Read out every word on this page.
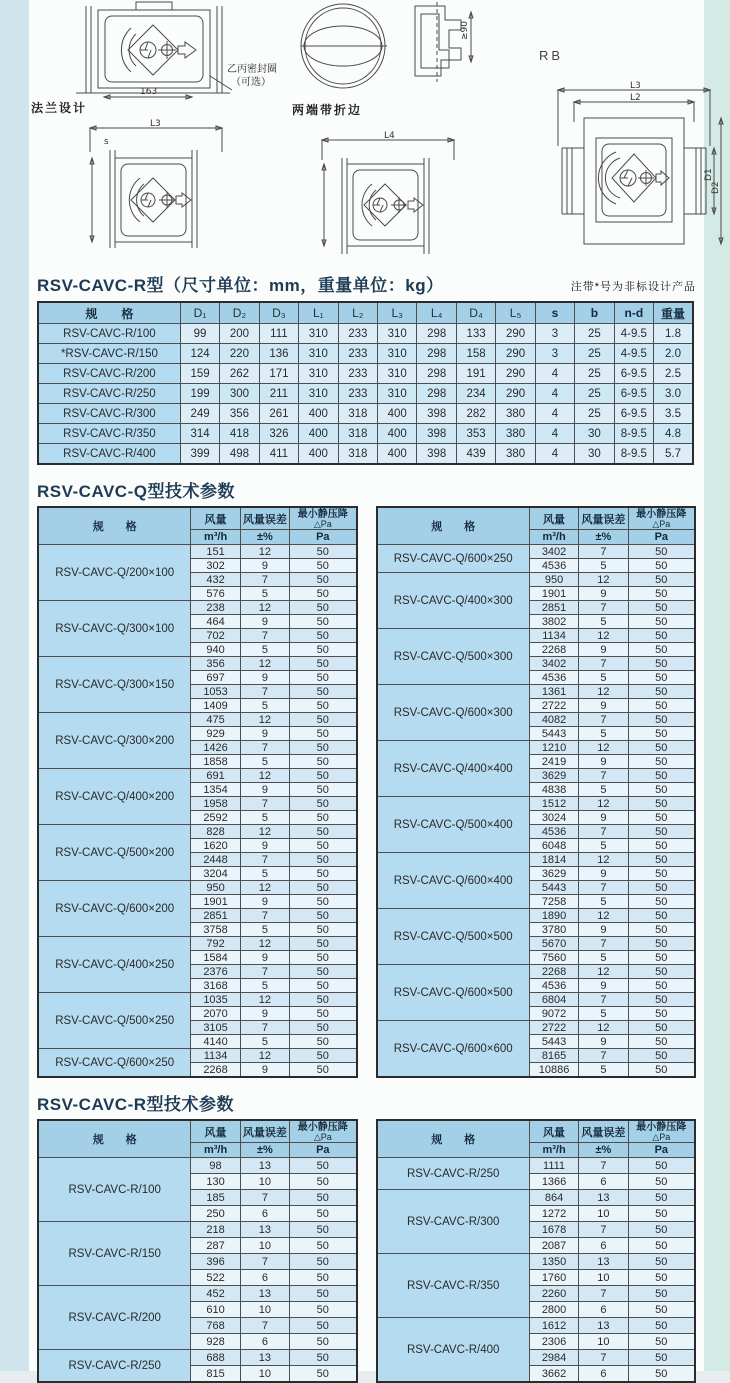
163
乙丙密封圈
（可选）
法兰设计	两端带折边
≥90
L3
s
L4
RB
L3
L2
D1
D2
RSV-CAVC-R型（尺寸单位：mm，重量单位：kg）	注带*号为非标设计产品
规　　格	D₁	D₂	D₃	L₁	L₂	L₃	L₄	D₄	L₅	s	b	n-d	重量
RSV-CAVC-R/100	99	200	111	310	233	310	298	133	290	3	25	4-9.5	1.8
*RSV-CAVC-R/150	124	220	136	310	233	310	298	158	290	3	25	4-9.5	2.0
RSV-CAVC-R/200	159	262	171	310	233	310	298	191	290	4	25	6-9.5	2.5
RSV-CAVC-R/250	199	300	211	310	233	310	298	234	290	4	25	6-9.5	3.0
RSV-CAVC-R/300	249	356	261	400	318	400	398	282	380	4	25	6-9.5	3.5
RSV-CAVC-R/350	314	418	326	400	318	400	398	353	380	4	30	8-9.5	4.8
RSV-CAVC-R/400	399	498	411	400	318	400	398	439	380	4	30	8-9.5	5.7
RSV-CAVC-Q型技术参数
规　　格	风量	风量误差	最小静压降
△Pa

	m³/h	±%	Pa
RSV-CAVC-Q/200×100	151	12	50
	302	9	50
	432	7	50
	576	5	50
RSV-CAVC-Q/300×100	238	12	50
	464	9	50
	702	7	50
	940	5	50
RSV-CAVC-Q/300×150	356	12	50
	697	9	50
	1053	7	50
	1409	5	50
RSV-CAVC-Q/300×200	475	12	50
	929	9	50
	1426	7	50
	1858	5	50
RSV-CAVC-Q/400×200	691	12	50
	1354	9	50
	1958	7	50
	2592	5	50
RSV-CAVC-Q/500×200	828	12	50
	1620	9	50
	2448	7	50
	3204	5	50
RSV-CAVC-Q/600×200	950	12	50
	1901	9	50
	2851	7	50
	3758	5	50
RSV-CAVC-Q/400×250	792	12	50
	1584	9	50
	2376	7	50
	3168	5	50
RSV-CAVC-Q/500×250	1035	12	50
	2070	9	50
	3105	7	50
	4140	5	50
RSV-CAVC-Q/600×250	1134	12	50
	2268	9	50
规　　格	风量	风量误差	最小静压降
△Pa

	m³/h	±%	Pa
RSV-CAVC-Q/600×250	3402	7	50
	4536	5	50
RSV-CAVC-Q/400×300	950	12	50
	1901	9	50
	2851	7	50
	3802	5	50
RSV-CAVC-Q/500×300	1134	12	50
	2268	9	50
	3402	7	50
	4536	5	50
RSV-CAVC-Q/600×300	1361	12	50
	2722	9	50
	4082	7	50
	5443	5	50
RSV-CAVC-Q/400×400	1210	12	50
	2419	9	50
	3629	7	50
	4838	5	50
RSV-CAVC-Q/500×400	1512	12	50
	3024	9	50
	4536	7	50
	6048	5	50
RSV-CAVC-Q/600×400	1814	12	50
	3629	9	50
	5443	7	50
	7258	5	50
RSV-CAVC-Q/500×500	1890	12	50
	3780	9	50
	5670	7	50
	7560	5	50
RSV-CAVC-Q/600×500	2268	12	50
	4536	9	50
	6804	7	50
	9072	5	50
RSV-CAVC-Q/600×600	2722	12	50
	5443	9	50
	8165	7	50
	10886	5	50
RSV-CAVC-R型技术参数
规　　格	风量	风量误差	最小静压降
△Pa

	m³/h	±%	Pa
RSV-CAVC-R/100	98	13	50
	130	10	50
	185	7	50
	250	6	50
RSV-CAVC-R/150	218	13	50
	287	10	50
	396	7	50
	522	6	50
RSV-CAVC-R/200	452	13	50
	610	10	50
	768	7	50
	928	6	50
RSV-CAVC-R/250	688	13	50
	815	10	50
规　　格	风量	风量误差	最小静压降
△Pa

	m³/h	±%	Pa
RSV-CAVC-R/250	1111	7	50
	1366	6	50
RSV-CAVC-R/300	864	13	50
	1272	10	50
	1678	7	50
	2087	6	50
RSV-CAVC-R/350	1350	13	50
	1760	10	50
	2260	7	50
	2800	6	50
RSV-CAVC-R/400	1612	13	50
	2306	10	50
	2984	7	50
	3662	6	50
